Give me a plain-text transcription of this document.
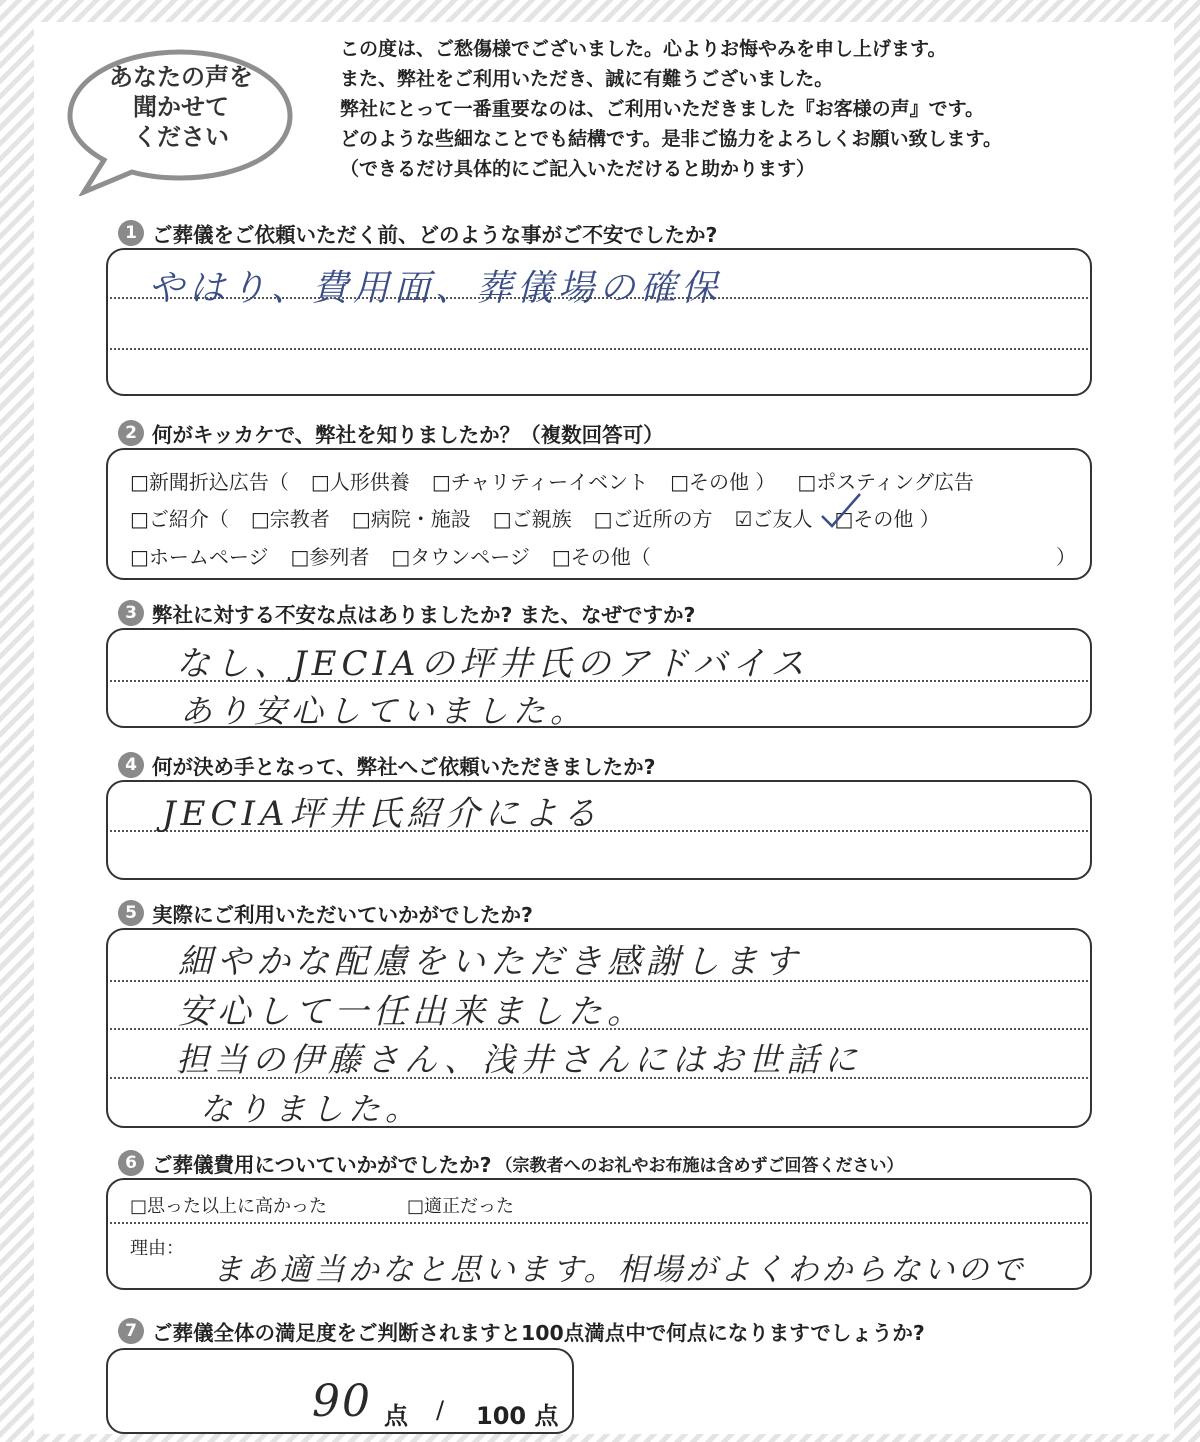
あなたの声を
聞かせて
ください
この度は、ご愁傷様でございました。心よりお悔やみを申し上げます。
また、弊社をご利用いただき、誠に有難うございました。
弊社にとって一番重要なのは、ご利用いただきました『お客様の声』です。
どのような些細なことでも結構です。是非ご協力をよろしくお願い致します。
（できるだけ具体的にご記入いただけると助かります）
1 ご葬儀をご依頼いただく前、どのような事がご不安でしたか?
やはり、費用面、葬儀場の確保
2 何がキッカケで、弊社を知りましたか？（複数回答可）
□新聞折込広告（ □人形供養 □チャリティーイベント □その他 ） □ポスティング広告
□ご紹介（ □宗教者 □病院・施設 □ご親族 □ご近所の方 ☑ご友人 □その他 ）
□ホームページ □参列者 □タウンページ □その他（	）
3 弊社に対する不安な点はありましたか? また、なぜですか?
なし、JECIAの坪井氏のアドバイス
あり安心していました。
4 何が決め手となって、弊社へご依頼いただきましたか?
JECIA坪井氏紹介による
5 実際にご利用いただいていかがでしたか?
細やかな配慮をいただき感謝します
安心して一任出来ました。
担当の伊藤さん、浅井さんにはお世話に
なりました。
6 ご葬儀費用についていかがでしたか? （宗教者へのお礼やお布施は含めずご回答ください）
□思った以上に高かった	□適正だった
理由：
まあ適当かなと思います。相場がよくわからないので
7 ご葬儀全体の満足度をご判断されますと100点満点中で何点になりますでしょうか?
90 点 / 100 点
